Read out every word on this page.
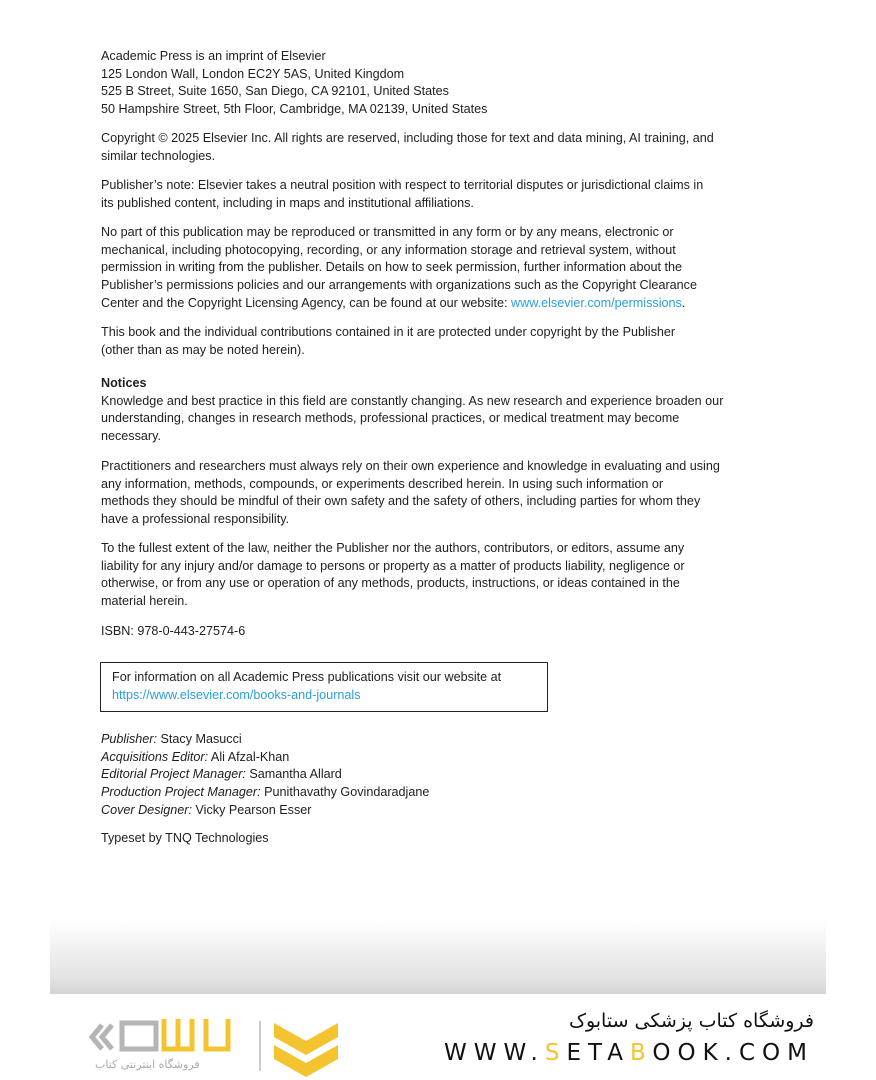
Academic Press is an imprint of Elsevier
125 London Wall, London EC2Y 5AS, United Kingdom
525 B Street, Suite 1650, San Diego, CA 92101, United States
50 Hampshire Street, 5th Floor, Cambridge, MA 02139, United States
Copyright © 2025 Elsevier Inc. All rights are reserved, including those for text and data mining, AI training, and
similar technologies.
Publisher’s note: Elsevier takes a neutral position with respect to territorial disputes or jurisdictional claims in
its published content, including in maps and institutional affiliations.
No part of this publication may be reproduced or transmitted in any form or by any means, electronic or
mechanical, including photocopying, recording, or any information storage and retrieval system, without
permission in writing from the publisher. Details on how to seek permission, further information about the
Publisher’s permissions policies and our arrangements with organizations such as the Copyright Clearance
Center and the Copyright Licensing Agency, can be found at our website: www.elsevier.com/permissions.
This book and the individual contributions contained in it are protected under copyright by the Publisher
(other than as may be noted herein).
Notices
Knowledge and best practice in this field are constantly changing. As new research and experience broaden our
understanding, changes in research methods, professional practices, or medical treatment may become
necessary.
Practitioners and researchers must always rely on their own experience and knowledge in evaluating and using
any information, methods, compounds, or experiments described herein. In using such information or
methods they should be mindful of their own safety and the safety of others, including parties for whom they
have a professional responsibility.
To the fullest extent of the law, neither the Publisher nor the authors, contributors, or editors, assume any
liability for any injury and/or damage to persons or property as a matter of products liability, negligence or
otherwise, or from any use or operation of any methods, products, instructions, or ideas contained in the
material herein.
ISBN: 978-0-443-27574-6
For information on all Academic Press publications visit our website at
https://www.elsevier.com/books-and-journals
Publisher: Stacy Masucci
Acquisitions Editor: Ali Afzal-Khan
Editorial Project Manager: Samantha Allard
Production Project Manager: Punithavathy Govindaradjane
Cover Designer: Vicky Pearson Esser
Typeset by TNQ Technologies
فروشگاه اینترنتی کتاب
فروشگاه کتاب پزشکی ستابوک
WWW.SETABOOK.COM
